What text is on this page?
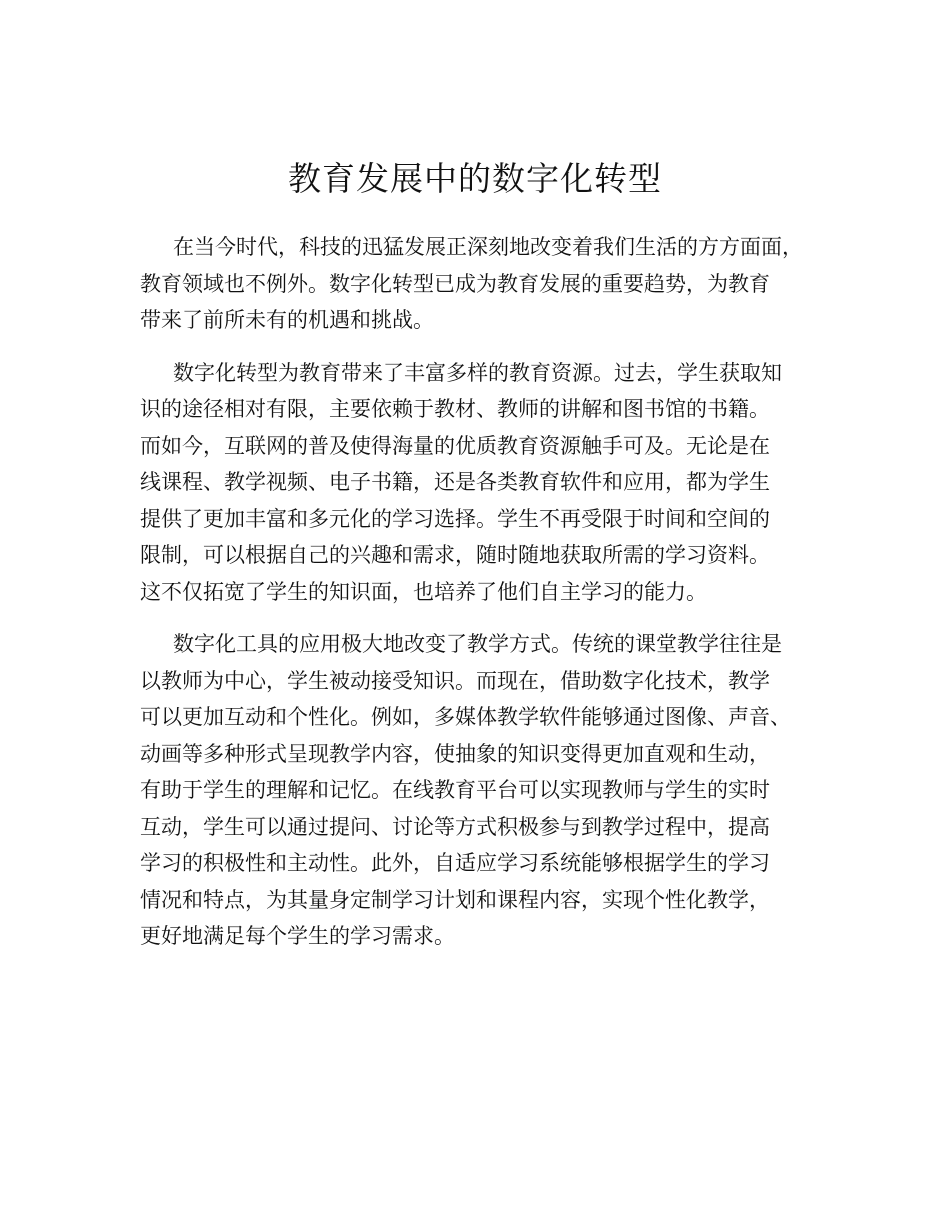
教育发展中的数字化转型
在当今时代，科技的迅猛发展正深刻地改变着我们生活的方方面面，
教育领域也不例外。数字化转型已成为教育发展的重要趋势，为教育
带来了前所未有的机遇和挑战。
数字化转型为教育带来了丰富多样的教育资源。过去，学生获取知
识的途径相对有限，主要依赖于教材、教师的讲解和图书馆的书籍。
而如今，互联网的普及使得海量的优质教育资源触手可及。无论是在
线课程、教学视频、电子书籍，还是各类教育软件和应用，都为学生
提供了更加丰富和多元化的学习选择。学生不再受限于时间和空间的
限制，可以根据自己的兴趣和需求，随时随地获取所需的学习资料。
这不仅拓宽了学生的知识面，也培养了他们自主学习的能力。
数字化工具的应用极大地改变了教学方式。传统的课堂教学往往是
以教师为中心，学生被动接受知识。而现在，借助数字化技术，教学
可以更加互动和个性化。例如，多媒体教学软件能够通过图像、声音、
动画等多种形式呈现教学内容，使抽象的知识变得更加直观和生动，
有助于学生的理解和记忆。在线教育平台可以实现教师与学生的实时
互动，学生可以通过提问、讨论等方式积极参与到教学过程中，提高
学习的积极性和主动性。此外，自适应学习系统能够根据学生的学习
情况和特点，为其量身定制学习计划和课程内容，实现个性化教学，
更好地满足每个学生的学习需求。
